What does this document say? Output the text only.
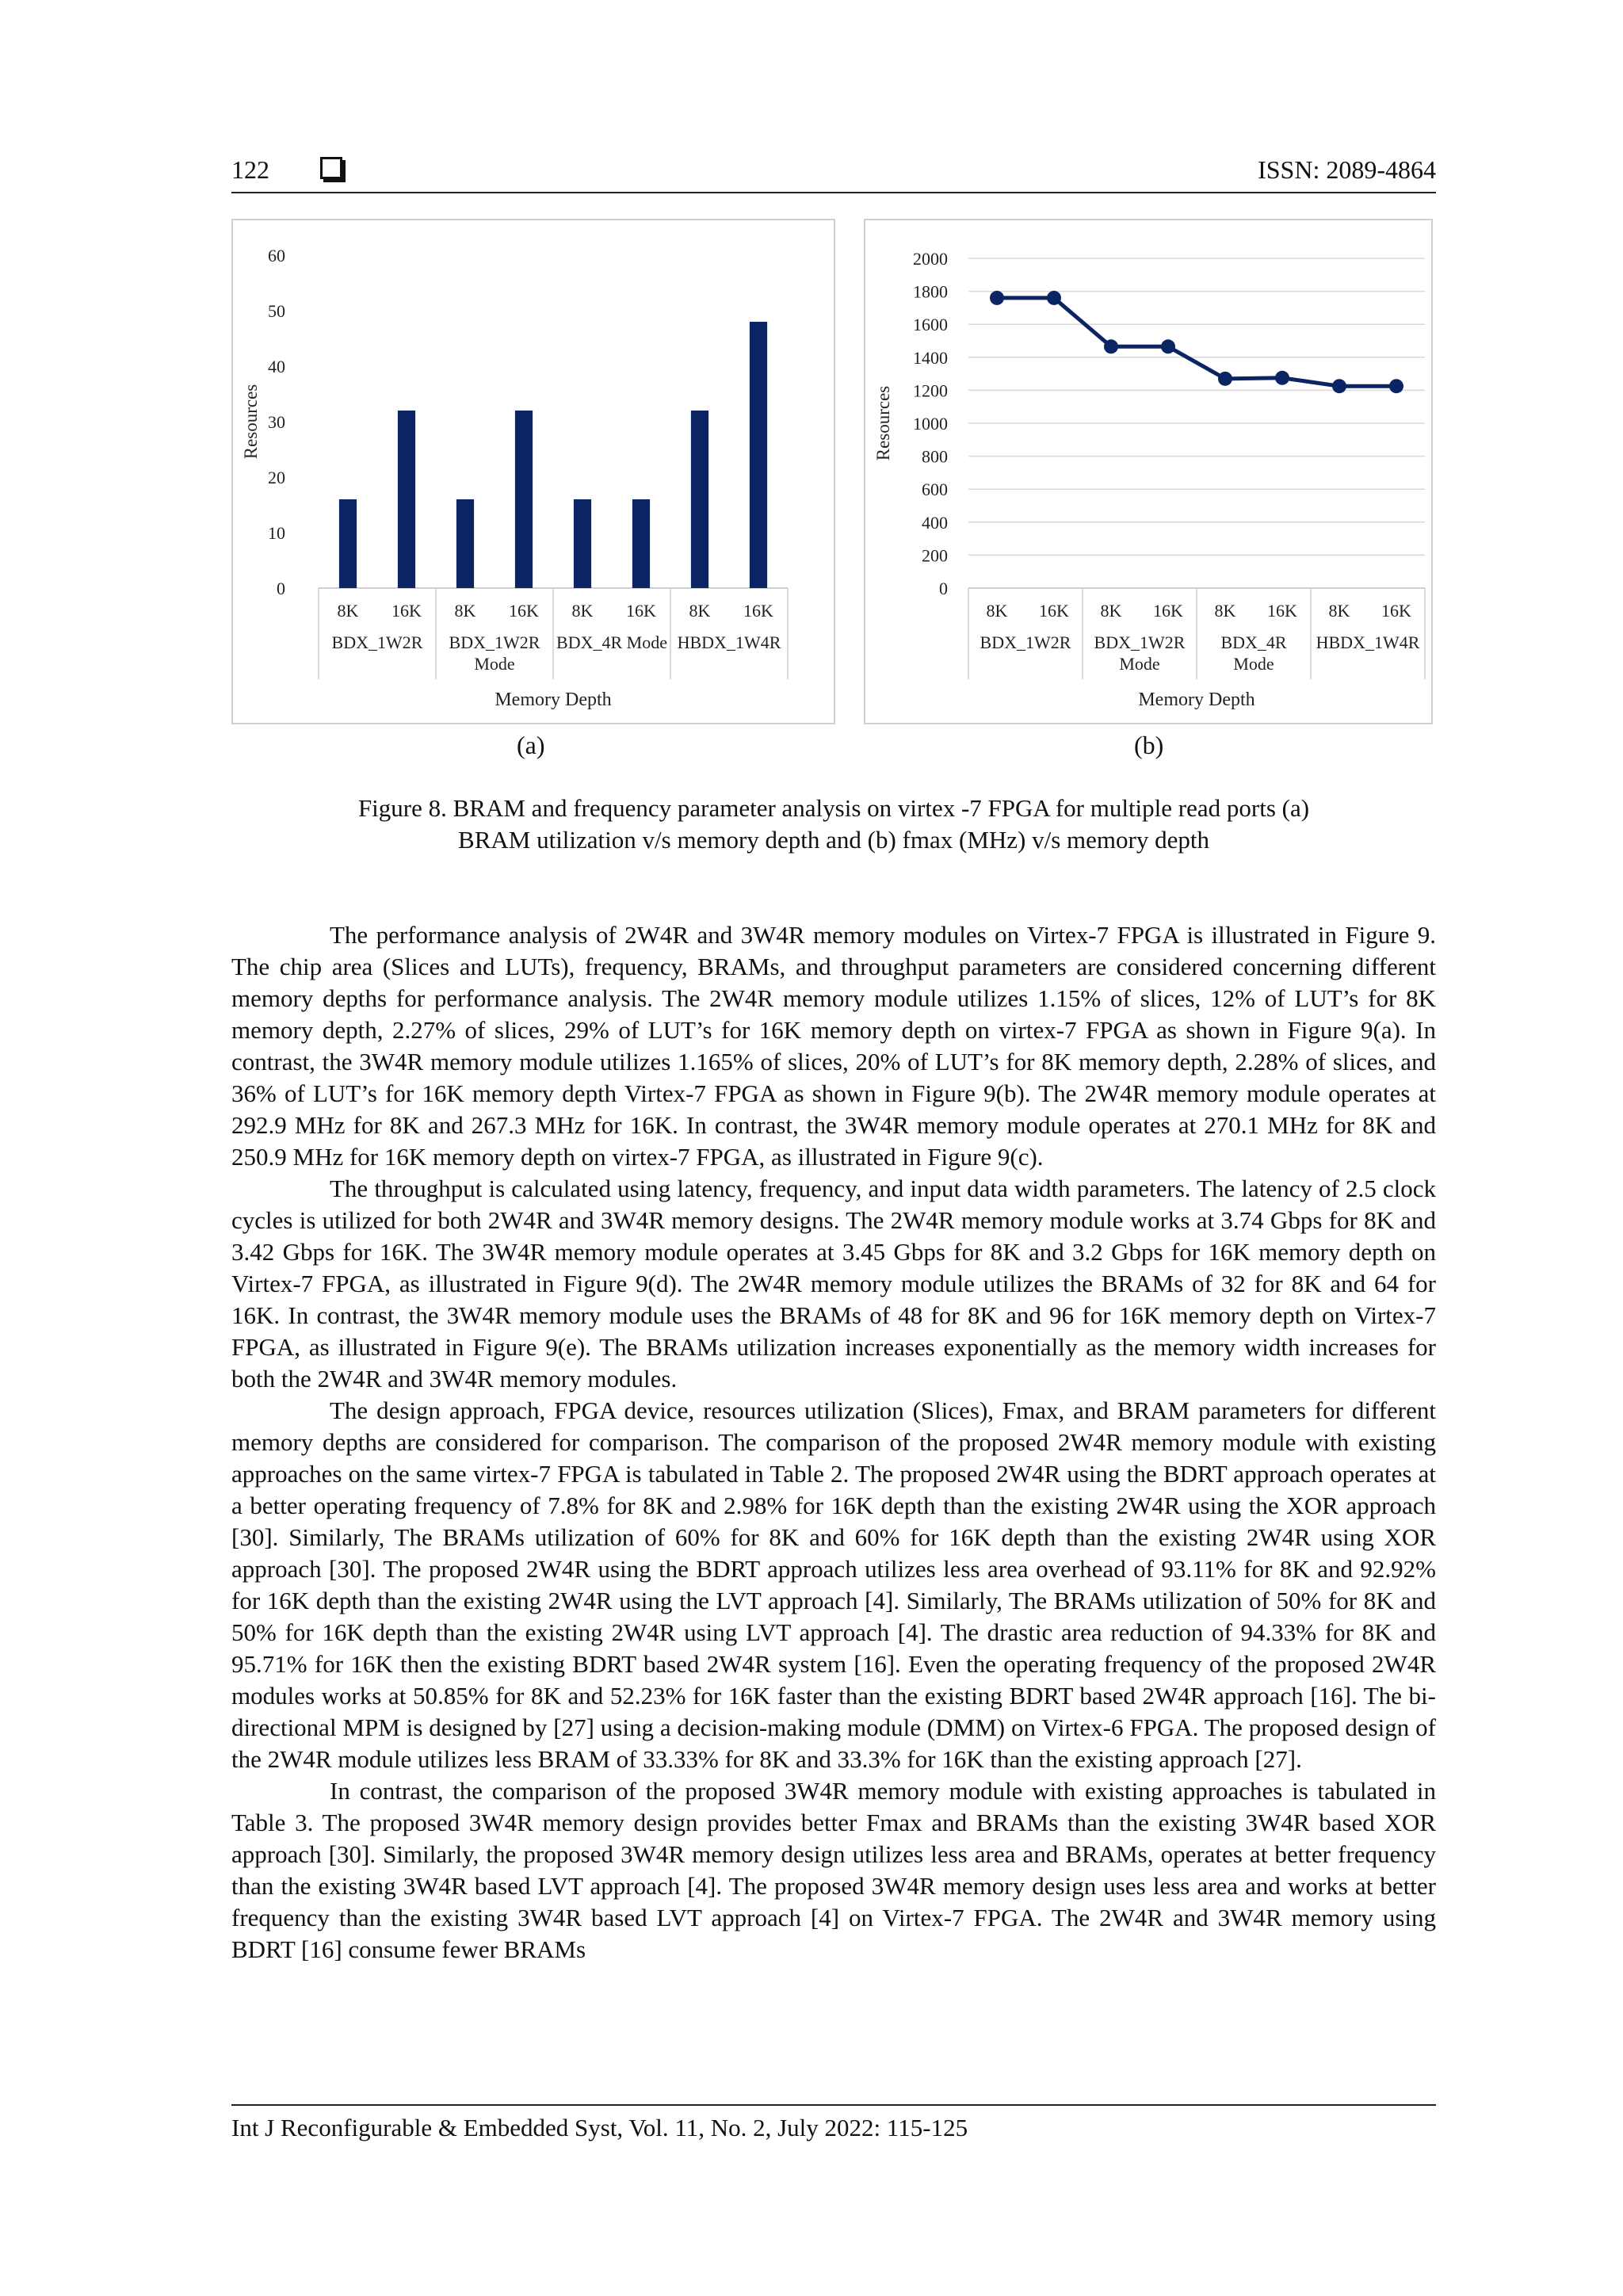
122	ISSN: 2089-4864
0
10
20
30
40
50
60
Resources
8K 16K 8K 16K 8K 16K 8K 16K
BDX_1W2R BDX_1W2R
Mode
BDX_4R Mode HBDX_1W4R
Memory Depth
0
200
400
600
800
1000
1200
1400
1600
1800
2000
Resources
8K 16K 8K 16K 8K 16K 8K 16K
BDX_1W2R BDX_1W2R
Mode
BDX_4R
Mode
HBDX_1W4R
Memory Depth
(a)	(b)
Figure 8. BRAM and frequency parameter analysis on virtex -7 FPGA for multiple read ports (a)
BRAM utilization v/s memory depth and (b) fmax (MHz) v/s memory depth

The performance analysis of 2W4R and 3W4R memory modules on Virtex-7 FPGA is illustrated in Figure 9. The chip area (Slices and LUTs), frequency, BRAMs, and throughput parameters are considered concerning different memory depths for performance analysis. The 2W4R memory module utilizes 1.15% of slices, 12% of LUT’s for 8K memory depth, 2.27% of slices, 29% of LUT’s for 16K memory depth on virtex-7 FPGA as shown in Figure 9(a). In contrast, the 3W4R memory module utilizes 1.165% of slices, 20% of LUT’s for 8K memory depth, 2.28% of slices, and 36% of LUT’s for 16K memory depth Virtex-7 FPGA as shown in Figure 9(b). The 2W4R memory module operates at 292.9 MHz for 8K and 267.3 MHz for 16K. In contrast, the 3W4R memory module operates at 270.1 MHz for 8K and 250.9 MHz for 16K memory depth on virtex-7 FPGA, as illustrated in Figure 9(c).

The throughput is calculated using latency, frequency, and input data width parameters. The latency of 2.5 clock cycles is utilized for both 2W4R and 3W4R memory designs. The 2W4R memory module works at 3.74 Gbps for 8K and 3.42 Gbps for 16K. The 3W4R memory module operates at 3.45 Gbps for 8K and 3.2 Gbps for 16K memory depth on Virtex-7 FPGA, as illustrated in Figure 9(d). The 2W4R memory module utilizes the BRAMs of 32 for 8K and 64 for 16K. In contrast, the 3W4R memory module uses the BRAMs of 48 for 8K and 96 for 16K memory depth on Virtex-7 FPGA, as illustrated in Figure 9(e). The BRAMs utilization increases exponentially as the memory width increases for both the 2W4R and 3W4R memory modules.

The design approach, FPGA device, resources utilization (Slices), Fmax, and BRAM parameters for different memory depths are considered for comparison. The comparison of the proposed 2W4R memory module with existing approaches on the same virtex-7 FPGA is tabulated in Table 2. The proposed 2W4R using the BDRT approach operates at a better operating frequency of 7.8% for 8K and 2.98% for 16K depth than the existing 2W4R using the XOR approach [30]. Similarly, The BRAMs utilization of 60% for 8K and 60% for 16K depth than the existing 2W4R using XOR approach [30]. The proposed 2W4R using the BDRT approach utilizes less area overhead of 93.11% for 8K and 92.92% for 16K depth than the existing 2W4R using the LVT approach [4]. Similarly, The BRAMs utilization of 50% for 8K and 50% for 16K depth than the existing 2W4R using LVT approach [4]. The drastic area reduction of 94.33% for 8K and 95.71% for 16K then the existing BDRT based 2W4R system [16]. Even the operating frequency of the proposed 2W4R modules works at 50.85% for 8K and 52.23% for 16K faster than the existing BDRT based 2W4R approach [16]. The bi-directional MPM is designed by [27] using a decision-making module (DMM) on Virtex-6 FPGA. The proposed design of the 2W4R module utilizes less BRAM of 33.33% for 8K and 33.3% for 16K than the existing approach [27].

In contrast, the comparison of the proposed 3W4R memory module with existing approaches is tabulated in Table 3. The proposed 3W4R memory design provides better Fmax and BRAMs than the existing 3W4R based XOR approach [30]. Similarly, the proposed 3W4R memory design utilizes less area and BRAMs, operates at better frequency than the existing 3W4R based LVT approach [4]. The proposed 3W4R memory design uses less area and works at better frequency than the existing 3W4R based LVT approach [4] on Virtex-7 FPGA. The 2W4R and 3W4R memory using BDRT [16] consume fewer BRAMs

Int J Reconfigurable & Embedded Syst, Vol. 11, No. 2, July 2022: 115-125
